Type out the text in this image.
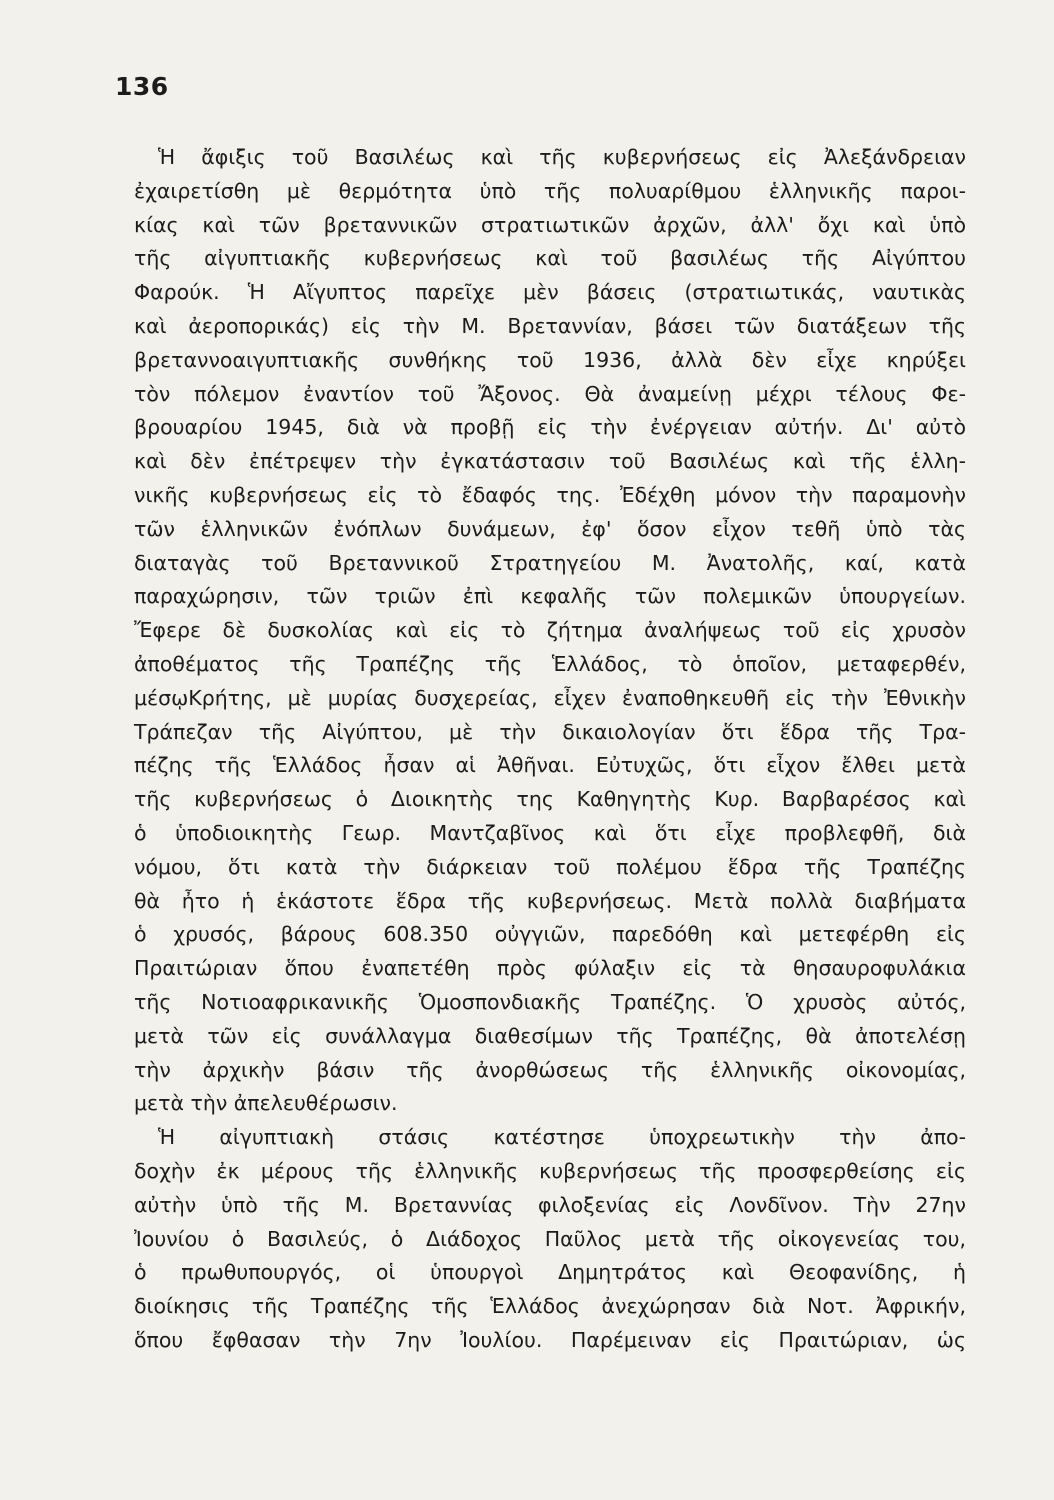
136
Ἡ ἄφιξις τοῦ Βασιλέως καὶ τῆς κυβερνήσεως εἰς Ἀλεξάνδρειαν
ἐχαιρετίσθη μὲ θερμότητα ὑπὸ τῆς πολυαρίθμου ἑλληνικῆς παροι-
κίας καὶ τῶν βρεταννικῶν στρατιωτικῶν ἀρχῶν, ἀλλ' ὄχι καὶ ὑπὸ
τῆς αἰγυπτιακῆς κυβερνήσεως καὶ τοῦ βασιλέως τῆς Αἰγύπτου
Φαρούκ. Ἡ Αἴγυπτος παρεῖχε μὲν βάσεις (στρατιωτικάς, ναυτικὰς
καὶ ἀεροπορικάς) εἰς τὴν Μ. Βρεταννίαν, βάσει τῶν διατάξεων τῆς
βρεταννοαιγυπτιακῆς συνθήκης τοῦ 1936, ἀλλὰ δὲν εἶχε κηρύξει
τὸν πόλεμον ἐναντίον τοῦ Ἄξονος. Θὰ ἀναμείνῃ μέχρι τέλους Φε-
βρουαρίου 1945, διὰ νὰ προβῇ εἰς τὴν ἐνέργειαν αὐτήν. Δι' αὐτὸ
καὶ δὲν ἐπέτρεψεν τὴν ἐγκατάστασιν τοῦ Βασιλέως καὶ τῆς ἑλλη-
νικῆς κυβερνήσεως εἰς τὸ ἔδαφός της. Ἐδέχθη μόνον τὴν παραμονὴν
τῶν ἑλληνικῶν ἐνόπλων δυνάμεων, ἐφ' ὅσον εἶχον τεθῆ ὑπὸ τὰς
διαταγὰς τοῦ Βρεταννικοῦ Στρατηγείου Μ. Ἀνατολῆς, καί, κατὰ
παραχώρησιν, τῶν τριῶν ἐπὶ κεφαλῆς τῶν πολεμικῶν ὑπουργείων.
Ἔφερε δὲ δυσκολίας καὶ εἰς τὸ ζήτημα ἀναλήψεως τοῦ εἰς χρυσὸν
ἀποθέματος τῆς Τραπέζης τῆς Ἑλλάδος, τὸ ὁποῖον, μεταφερθέν,
μέσῳΚρήτης, μὲ μυρίας δυσχερείας, εἶχεν ἐναποθηκευθῆ εἰς τὴν Ἐθνικὴν
Τράπεζαν τῆς Αἰγύπτου, μὲ τὴν δικαιολογίαν ὅτι ἕδρα τῆς Τρα-
πέζης τῆς Ἑλλάδος ἦσαν αἱ Ἀθῆναι. Εὐτυχῶς, ὅτι εἶχον ἔλθει μετὰ
τῆς κυβερνήσεως ὁ Διοικητὴς της Καθηγητὴς Κυρ. Βαρβαρέσος καὶ
ὁ ὑποδιοικητὴς Γεωρ. Μαντζαβῖνος καὶ ὅτι εἶχε προβλεφθῆ, διὰ
νόμου, ὅτι κατὰ τὴν διάρκειαν τοῦ πολέμου ἕδρα τῆς Τραπέζης
θὰ ἦτο ἡ ἑκάστοτε ἕδρα τῆς κυβερνήσεως. Μετὰ πολλὰ διαβήματα
ὁ χρυσός, βάρους 608.350 οὐγγιῶν, παρεδόθη καὶ μετεφέρθη εἰς
Πραιτώριαν ὅπου ἐναπετέθη πρὸς φύλαξιν εἰς τὰ θησαυροφυλάκια
τῆς Νοτιοαφρικανικῆς Ὁμοσπονδιακῆς Τραπέζης. Ὁ χρυσὸς αὐτός,
μετὰ τῶν εἰς συνάλλαγμα διαθεσίμων τῆς Τραπέζης, θὰ ἀποτελέσῃ
τὴν ἀρχικὴν βάσιν τῆς ἀνορθώσεως τῆς ἑλληνικῆς οἰκονομίας,
μετὰ τὴν ἀπελευθέρωσιν.
Ἡ αἰγυπτιακὴ στάσις κατέστησε ὑποχρεωτικὴν τὴν ἀπο-
δοχὴν ἐκ μέρους τῆς ἑλληνικῆς κυβερνήσεως τῆς προσφερθείσης εἰς
αὐτὴν ὑπὸ τῆς Μ. Βρεταννίας φιλοξενίας εἰς Λονδῖνον. Τὴν 27ην
Ἰουνίου ὁ Βασιλεύς, ὁ Διάδοχος Παῦλος μετὰ τῆς οἰκογενείας του,
ὁ πρωθυπουργός, οἱ ὑπουργοὶ Δημητράτος καὶ Θεοφανίδης, ἡ
διοίκησις τῆς Τραπέζης τῆς Ἑλλάδος ἀνεχώρησαν διὰ Νοτ. Ἀφρικήν,
ὅπου ἔφθασαν τὴν 7ην Ἰουλίου. Παρέμειναν εἰς Πραιτώριαν, ὡς
